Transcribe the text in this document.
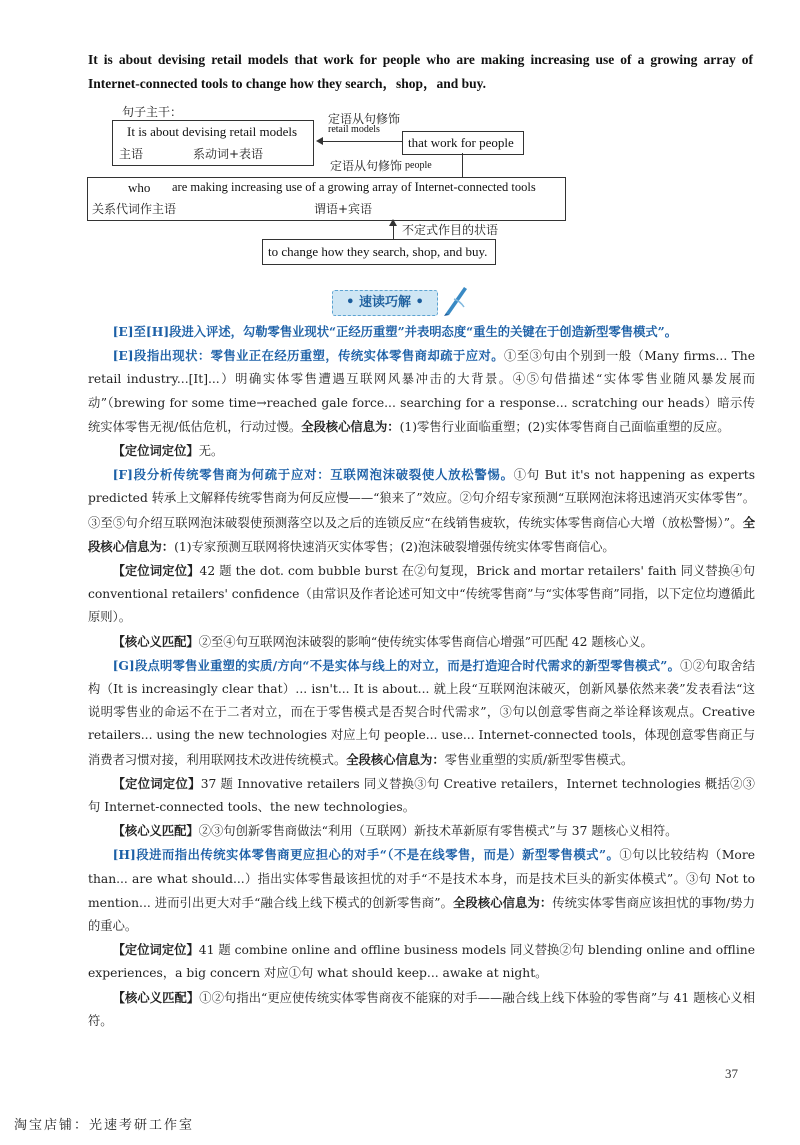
It is about devising retail models that work for people who are making increasing use of a growing array of Internet-connected tools to change how they search，shop，and buy.
句子主干：
It is about devising retail models
主语	系动词+表语
定语从句修饰
retail models
that work for people
定语从句修饰 people
who are making increasing use of a growing array of Internet-connected tools
关系代词作主语	谓语+宾语
不定式作目的状语
to change how they search, shop, and buy.
• 速读巧解 •

[E]至[H]段进入评述，勾勒零售业现状“正经历重塑”并表明态度“重生的关键在于创造新型零售模式”。

[E]段指出现状：零售业正在经历重塑，传统实体零售商却疏于应对。①至③句由个别到一般（Many firms... The retail industry...[It]...）明确实体零售遭遇互联网风暴冲击的大背景。④⑤句借描述“实体零售业随风暴发展而动”（brewing for some time→reached gale force... searching for a response... scratching our heads）暗示传统实体零售无视/低估危机，行动过慢。全段核心信息为：(1)零售行业面临重塑；(2)实体零售商自己面临重塑的反应。

【定位词定位】无。

[F]段分析传统零售商为何疏于应对：互联网泡沫破裂使人放松警惕。①句 But it's not happening as experts predicted 转承上文解释传统零售商为何反应慢——“狼来了”效应。②句介绍专家预测“互联网泡沫将迅速消灭实体零售”。③至⑤句介绍互联网泡沫破裂使预测落空以及之后的连锁反应“在线销售疲软，传统实体零售商信心大增（放松警惕）”。全段核心信息为：(1)专家预测互联网将快速消灭实体零售；(2)泡沫破裂增强传统实体零售商信心。

【定位词定位】42 题 the dot. com bubble burst 在②句复现，Brick and mortar retailers' faith 同义替换④句 conventional retailers' confidence（由常识及作者论述可知文中“传统零售商”与“实体零售商”同指，以下定位均遵循此原则）。

【核心义匹配】②至④句互联网泡沫破裂的影响“使传统实体零售商信心增强”可匹配 42 题核心义。

[G]段点明零售业重塑的实质/方向“不是实体与线上的对立，而是打造迎合时代需求的新型零售模式”。①②句取舍结构（It is increasingly clear that）... isn't... It is about... 就上段“互联网泡沫破灭，创新风暴依然来袭”发表看法“这说明零售业的命运不在于二者对立，而在于零售模式是否契合时代需求”，③句以创意零售商之举诠释该观点。Creative retailers... using the new technologies 对应上句 people... use... Internet-connected tools，体现创意零售商正与消费者习惯对接，利用联网技术改进传统模式。全段核心信息为：零售业重塑的实质/新型零售模式。

【定位词定位】37 题 Innovative retailers 同义替换③句 Creative retailers，Internet technologies 概括②③句 Internet-connected tools、the new technologies。

【核心义匹配】②③句创新零售商做法“利用（互联网）新技术革新原有零售模式”与 37 题核心义相符。

[H]段进而指出传统实体零售商更应担心的对手“（不是在线零售，而是）新型零售模式”。①句以比较结构（More than... are what should...）指出实体零售最该担忧的对手“不是技术本身，而是技术巨头的新实体模式”。③句 Not to mention... 进而引出更大对手“融合线上线下模式的创新零售商”。全段核心信息为：传统实体零售商应该担忧的事物/势力的重心。

【定位词定位】41 题 combine online and offline business models 同义替换②句 blending online and offline experiences，a big concern 对应①句 what should keep... awake at night。

【核心义匹配】①②句指出“更应使传统实体零售商夜不能寐的对手——融合线上线下体验的零售商”与 41 题核心义相符。

37
淘宝店铺：光速考研工作室
